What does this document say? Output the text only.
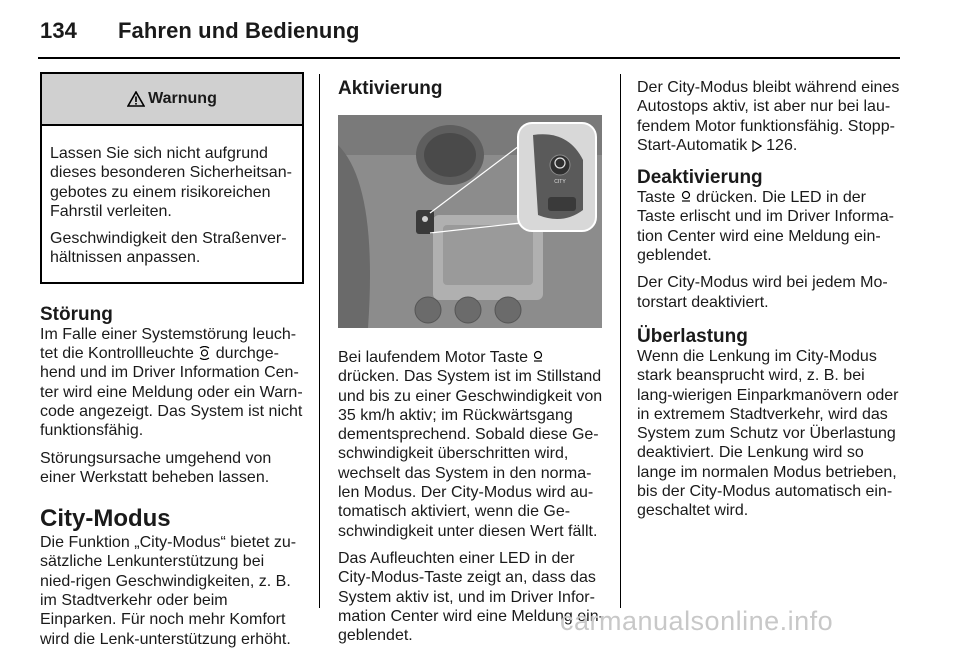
134 Fahren und Bedienung
Warnung

Lassen Sie sich nicht aufgrund dieses besonderen Sicherheitsan-gebotes zu einem risikoreichen Fahrstil verleiten.

Geschwindigkeit den Straßenver-hältnissen anpassen.

Störung

Im Falle einer Systemstörung leuch-tet die Kontrollleuchte  durchge-hend und im Driver Information Cen-ter wird eine Meldung oder ein Warn-code angezeigt. Das System ist nicht funktionsfähig.

Störungsursache umgehend von einer Werkstatt beheben lassen.

City-Modus

Die Funktion „City-Modus“ bietet zu-sätzliche Lenkunterstützung bei nied-rigen Geschwindigkeiten, z. B. im Stadtverkehr oder beim Einparken. Für noch mehr Komfort wird die Lenk-unterstützung erhöht.

Aktivierung
CITY

Bei laufendem Motor Taste  drücken. Das System ist im Stillstand und bis zu einer Geschwindigkeit von 35 km/h aktiv; im Rückwärtsgang dementsprechend. Sobald diese Ge-schwindigkeit überschritten wird, wechselt das System in den norma-len Modus. Der City-Modus wird au-tomatisch aktiviert, wenn die Ge-schwindigkeit unter diesen Wert fällt.

Das Aufleuchten einer LED in der City-Modus-Taste zeigt an, dass das System aktiv ist, und im Driver Infor-mation Center wird eine Meldung ein-geblendet.

Der City-Modus bleibt während eines Autostops aktiv, ist aber nur bei lau-fendem Motor funktionsfähig. Stopp-Start-Automatik  126.

Deaktivierung

Taste  drücken. Die LED in der Taste erlischt und im Driver Informa-tion Center wird eine Meldung ein-geblendet.

Der City-Modus wird bei jedem Mo-torstart deaktiviert.

Überlastung

Wenn die Lenkung im City-Modus stark beansprucht wird, z. B. bei lang-wierigen Einparkmanövern oder in extremem Stadtverkehr, wird das System zum Schutz vor Überlastung deaktiviert. Die Lenkung wird so lange im normalen Modus betrieben, bis der City-Modus automatisch ein-geschaltet wird.

carmanualsonline.info
